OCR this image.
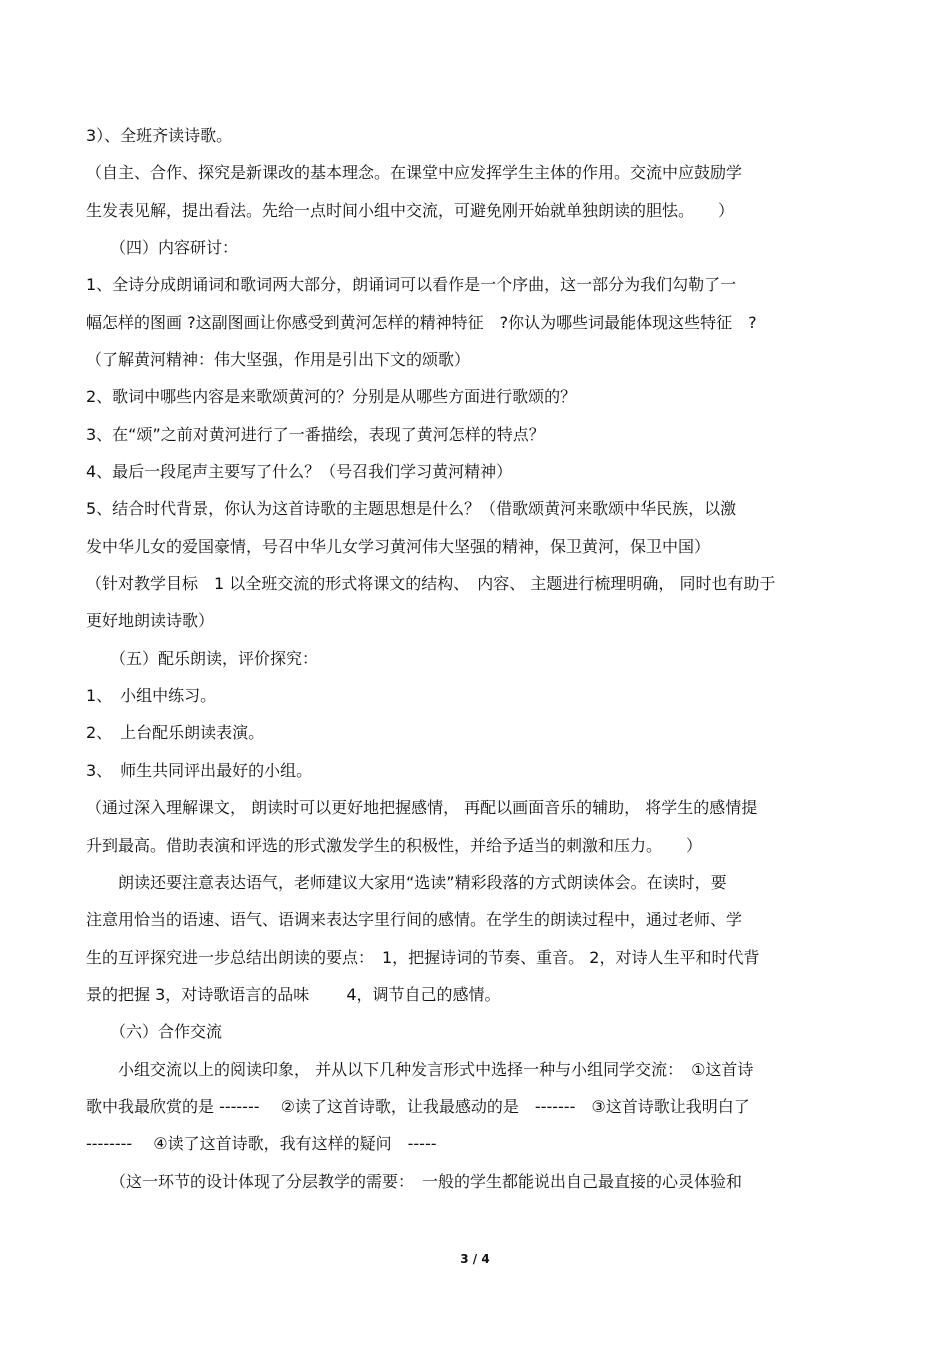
3）、全班齐读诗歌。
（自主、合作、探究是新课改的基本理念。在课堂中应发挥学生主体的作用。交流中应鼓励学
生发表见解，提出看法。先给一点时间小组中交流，可避免刚开始就单独朗读的胆怯。　　）
　　（四）内容研讨：
1、全诗分成朗诵词和歌词两大部分，朗诵词可以看作是一个序曲，这一部分为我们勾勒了一
幅怎样的图画 ?这副图画让你感受到黄河怎样的精神特征　?你认为哪些词最能体现这些特征　?
（了解黄河精神：伟大坚强，作用是引出下文的颂歌）
2、歌词中哪些内容是来歌颂黄河的？分别是从哪些方面进行歌颂的？
3、在“颂”之前对黄河进行了一番描绘，表现了黄河怎样的特点？
4、最后一段尾声主要写了什么？（号召我们学习黄河精神）
5、结合时代背景，你认为这首诗歌的主题思想是什么？（借歌颂黄河来歌颂中华民族，以激
发中华儿女的爱国豪情，号召中华儿女学习黄河伟大坚强的精神，保卫黄河，保卫中国）
（针对教学目标　1 以全班交流的形式将课文的结构、　内容、 主题进行梳理明确， 同时也有助于
更好地朗读诗歌）
　　（五）配乐朗读，评价探究：
1、　小组中练习。
2、　上台配乐朗读表演。
3、　师生共同评出最好的小组。
（通过深入理解课文， 朗读时可以更好地把握感情， 再配以画面音乐的辅助， 将学生的感情提
升到最高。借助表演和评选的形式激发学生的积极性，并给予适当的刺激和压力。　　）
　　朗读还要注意表达语气，老师建议大家用“选读”精彩段落的方式朗读体会。在读时，要
注意用恰当的语速、语气、语调来表达字里行间的感情。在学生的朗读过程中，通过老师、学
生的互评探究进一步总结出朗读的要点：　1，把握诗词的节奏、重音。 2，对诗人生平和时代背
景的把握 3，对诗歌语言的品味　　 4，调节自己的感情。
　　（六）合作交流
　　小组交流以上的阅读印象， 并从以下几种发言形式中选择一种与小组同学交流：　①这首诗
歌中我最欣赏的是 -------　 ②读了这首诗歌，让我最感动的是　-------　③这首诗歌让我明白了
--------　 ④读了这首诗歌，我有这样的疑问　-----
　　（这一环节的设计体现了分层教学的需要：　一般的学生都能说出自己最直接的心灵体验和
3 / 4
